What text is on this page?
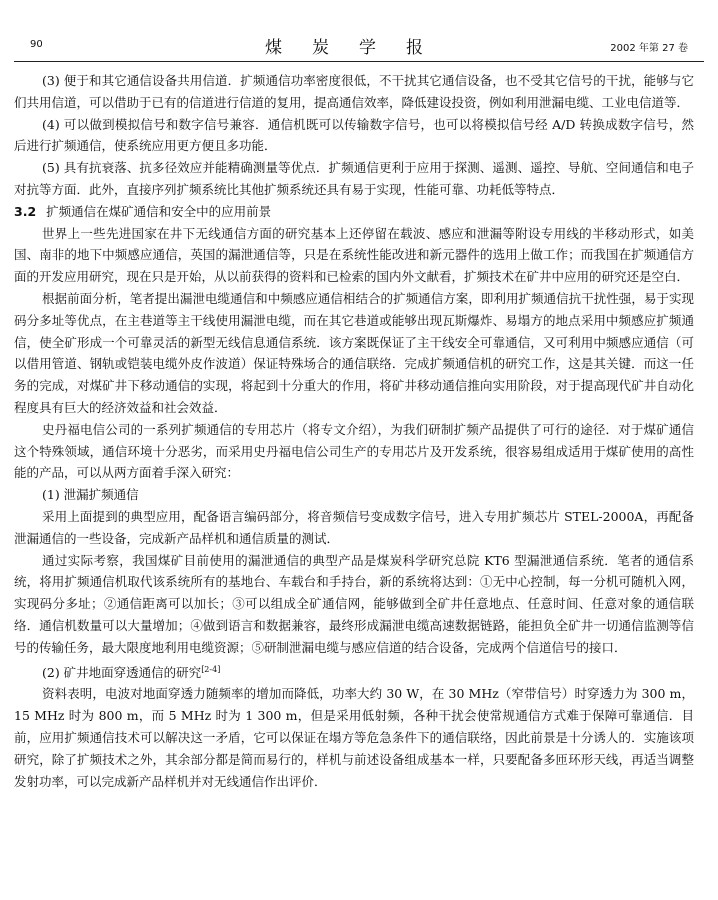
90	煤炭学报	2002 年第 27 卷

(3) 便于和其它通信设备共用信道．扩频通信功率密度很低，不干扰其它通信设备，也不受其它信号的干扰，能够与它们共用信道，可以借助于已有的信道进行信道的复用，提高通信效率，降低建设投资，例如利用泄漏电缆、工业电信道等．

(4) 可以做到模拟信号和数字信号兼容．通信机既可以传输数字信号，也可以将模拟信号经 A/D 转换成数字信号，然后进行扩频通信，使系统应用更方便且多功能．

(5) 具有抗衰落、抗多径效应并能精确测量等优点．扩频通信更利于应用于探测、遥测、遥控、导航、空间通信和电子对抗等方面．此外，直接序列扩频系统比其他扩频系统还具有易于实现，性能可靠、功耗低等特点．

3.2 扩频通信在煤矿通信和安全中的应用前景

世界上一些先进国家在井下无线通信方面的研究基本上还停留在载波、感应和泄漏等附设专用线的半移动形式，如美国、南非的地下中频感应通信，英国的漏泄通信等，只是在系统性能改进和新元器件的选用上做工作；而我国在扩频通信方面的开发应用研究，现在只是开始，从以前获得的资料和已检索的国内外文献看，扩频技术在矿井中应用的研究还是空白．

根据前面分析，笔者提出漏泄电缆通信和中频感应通信相结合的扩频通信方案，即利用扩频通信抗干扰性强，易于实现码分多址等优点，在主巷道等主干线使用漏泄电缆，而在其它巷道或能够出现瓦斯爆炸、易塌方的地点采用中频感应扩频通信，使全矿形成一个可靠灵活的新型无线信息通信系统．该方案既保证了主干线安全可靠通信，又可利用中频感应通信（可以借用管道、钢轨或铠装电缆外皮作波道）保证特殊场合的通信联络．完成扩频通信机的研究工作，这是其关键．而这一任务的完成，对煤矿井下移动通信的实现，将起到十分重大的作用，将矿井移动通信推向实用阶段，对于提高现代矿井自动化程度具有巨大的经济效益和社会效益．

史丹福电信公司的一系列扩频通信的专用芯片（将专文介绍），为我们研制扩频产品提供了可行的途径．对于煤矿通信这个特殊领域，通信环境十分恶劣，而采用史丹福电信公司生产的专用芯片及开发系统，很容易组成适用于煤矿使用的高性能的产品，可以从两方面着手深入研究：

(1) 泄漏扩频通信

采用上面提到的典型应用，配备语言编码部分，将音频信号变成数字信号，进入专用扩频芯片 STEL-2000A，再配备泄漏通信的一些设备，完成新产品样机和通信质量的测试．

通过实际考察，我国煤矿目前使用的漏泄通信的典型产品是煤炭科学研究总院 KT6 型漏泄通信系统．笔者的通信系统，将用扩频通信机取代该系统所有的基地台、车载台和手持台，新的系统将达到：①无中心控制，每一分机可随机入网，实现码分多址；②通信距离可以加长；③可以组成全矿通信网，能够做到全矿井任意地点、任意时间、任意对象的通信联络．通信机数量可以大量增加；④做到语言和数据兼容，最终形成漏泄电缆高速数据链路，能担负全矿井一切通信监测等信号的传输任务，最大限度地利用电缆资源；⑤研制泄漏电缆与感应信道的结合设备，完成两个信道信号的接口．

(2) 矿井地面穿透通信的研究[2-4]

资料表明，电波对地面穿透力随频率的增加而降低，功率大约 30 W，在 30 MHz（窄带信号）时穿透力为 300 m，15 MHz 时为 800 m，而 5 MHz 时为 1 300 m，但是采用低射频，各种干扰会使常规通信方式难于保障可靠通信．目前，应用扩频通信技术可以解决这一矛盾，它可以保证在塌方等危急条件下的通信联络，因此前景是十分诱人的．实施该项研究，除了扩频技术之外，其余部分都是简而易行的，样机与前述设备组成基本一样，只要配备多匝环形天线，再适当调整发射功率，可以完成新产品样机并对无线通信作出评价．
